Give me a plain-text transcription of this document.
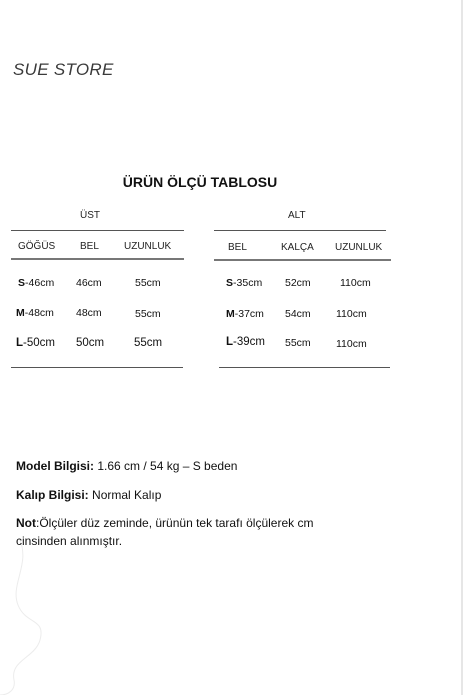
SUE STORE
ÜRÜN ÖLÇÜ TABLOSU
ÜST
GÖĞÜS BEL	UZUNLUK
S-46cm 46cm	55cm
M-48cm 48cm	55cm
L-50cm 50cm	55cm
ALT
BEL	KALÇA UZUNLUK
S-35cm 52cm	110cm
M-37cm 54cm 110cm
L-39cm 55cm 110cm
Model Bilgisi: 1.66 cm / 54 kg – S beden
Kalıp Bilgisi: Normal Kalıp
Not:Ölçüler düz zeminde, ürünün tek tarafı ölçülerek cm cinsinden alınmıştır.
